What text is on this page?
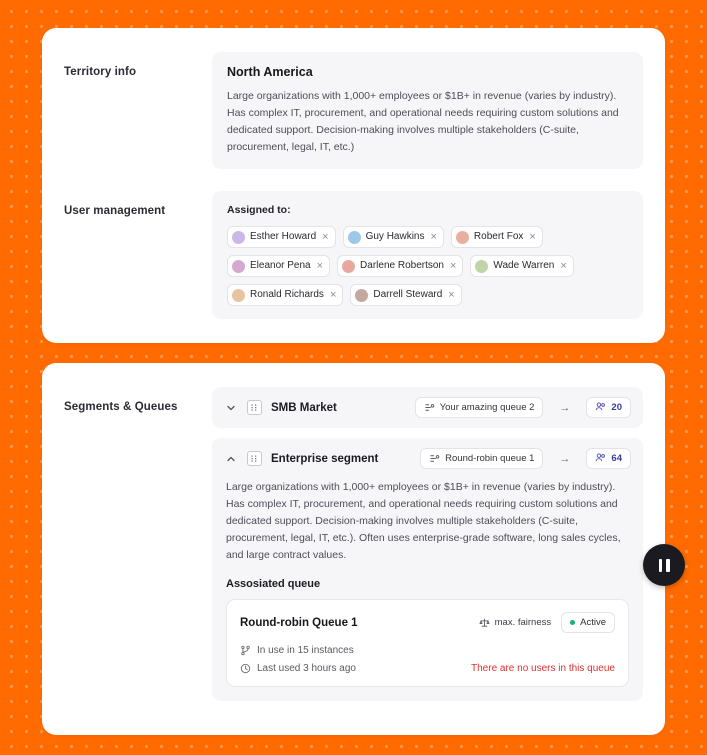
Territory info	North America
Large organizations with 1,000+ employees or $1B+ in revenue (varies by industry). Has complex IT, procurement, and operational needs requiring custom solutions and dedicated support. Decision-making involves multiple stakeholders (C-suite, procurement, legal, IT, etc.)
User management	Assigned to:
Esther Howard ×	Guy Hawkins ×	Robert Fox ×
Eleanor Pena ×	Darlene Robertson ×	Wade Warren ×
Ronald Richards ×	Darrell Steward ×
Segments & Queues	SMB Market	Your amazing queue 2 →	20
Enterprise segment	Round-robin queue 1 →	64
Large organizations with 1,000+ employees or $1B+ in revenue (varies by industry). Has complex IT, procurement, and operational needs requiring custom solutions and dedicated support. Decision-making involves multiple stakeholders (C-suite, procurement, legal, IT, etc.). Often uses enterprise-grade software, long sales cycles, and large contract values.
Assosiated queue
Round-robin Queue 1	max. fairness	Active
In use in 15 instances
Last used 3 hours ago	There are no users in this queue
